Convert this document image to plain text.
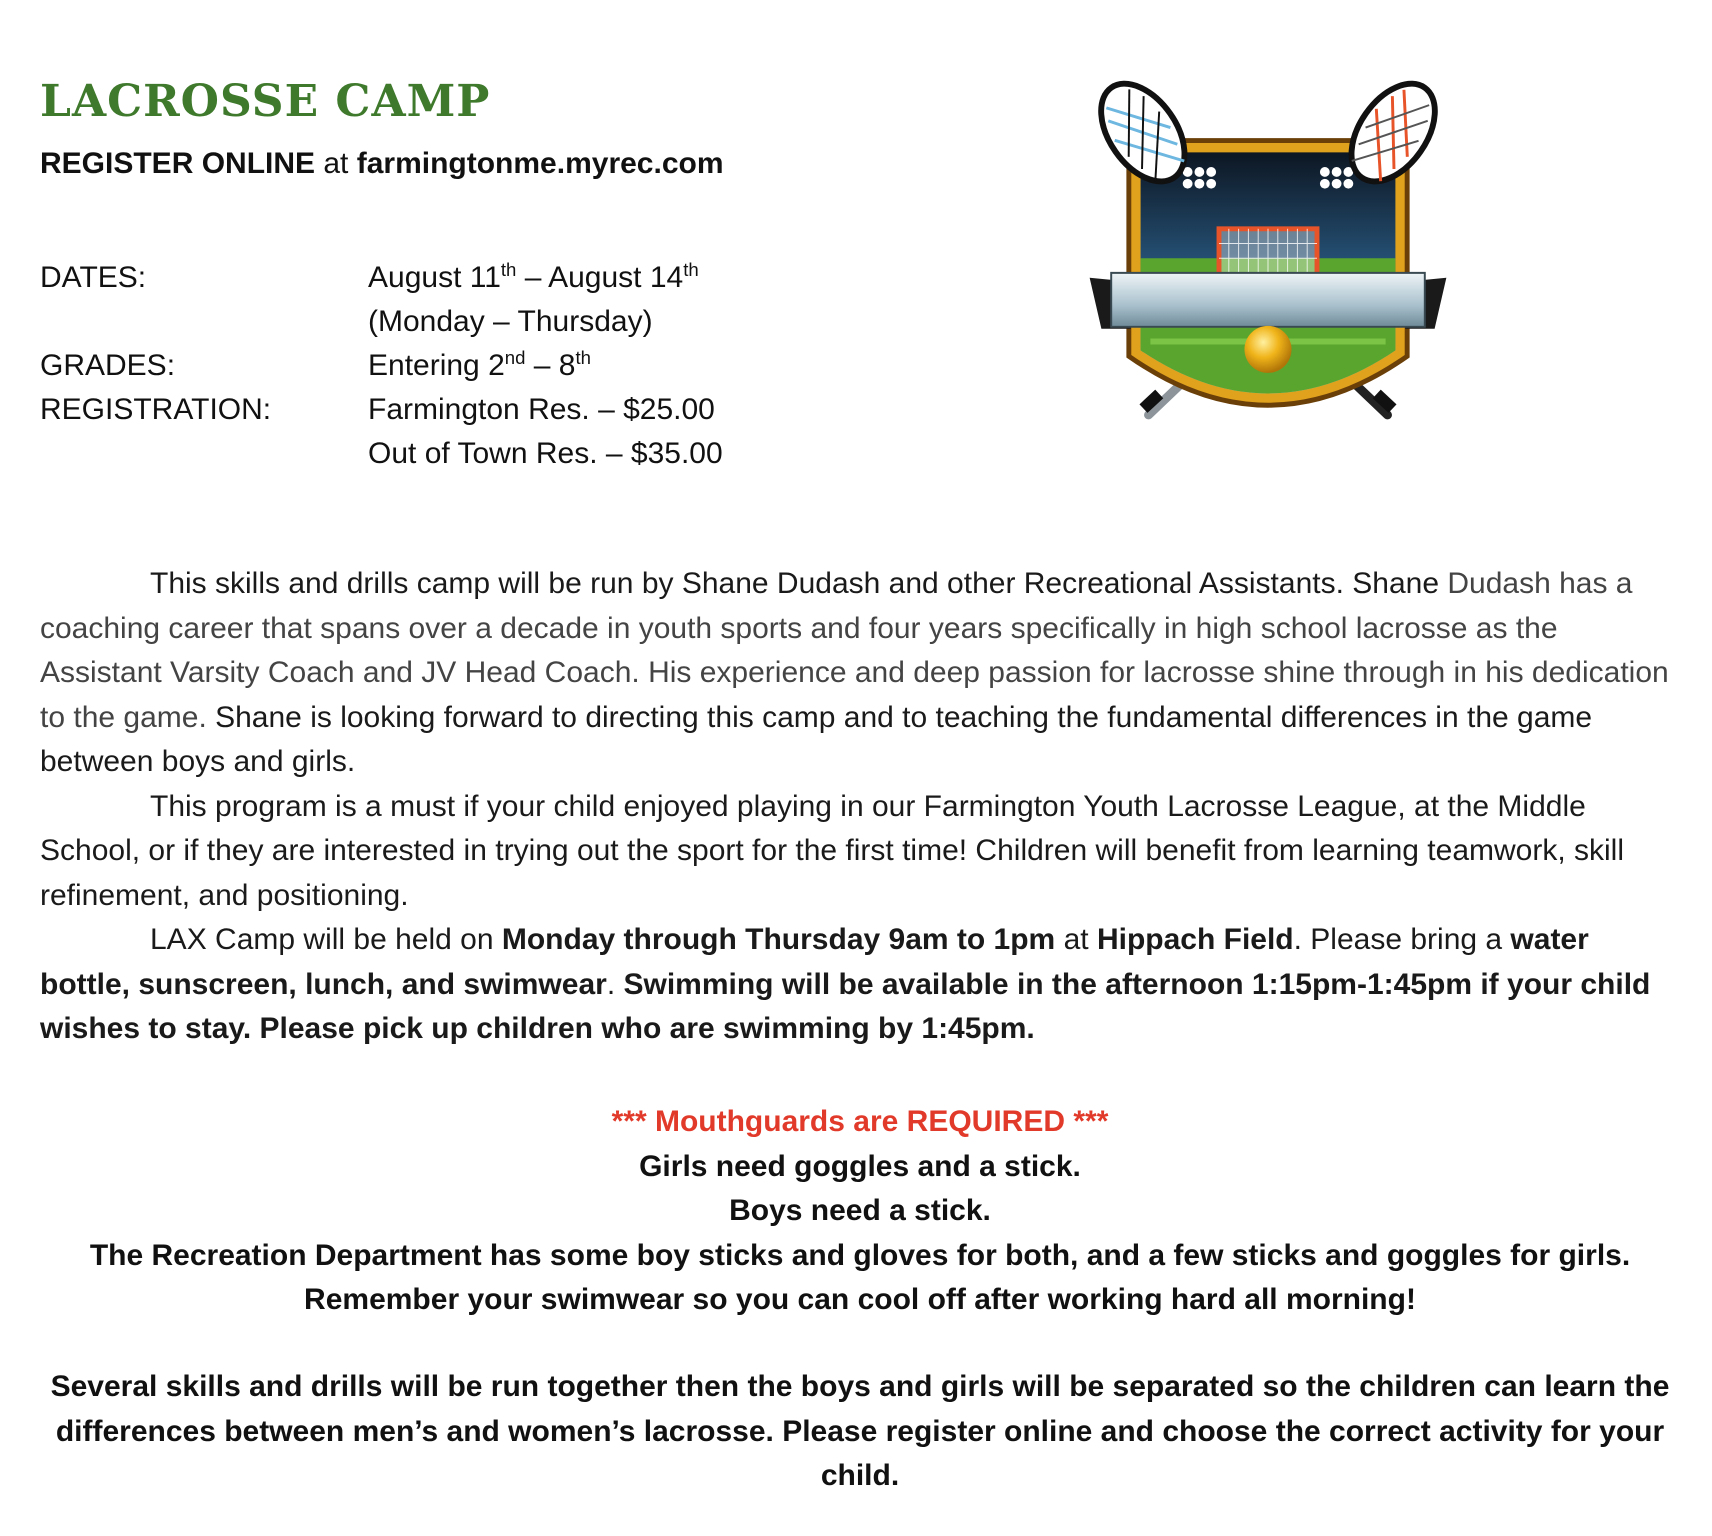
LACROSSE CAMP
REGISTER ONLINE at farmingtonme.myrec.com
DATES:	August 11th – August 14th
(Monday – Thursday)
GRADES:	Entering 2nd – 8th
REGISTRATION:	Farmington Res. – $25.00
Out of Town Res. – $35.00

This skills and drills camp will be run by Shane Dudash and other Recreational Assistants. Shane Dudash has a coaching career that spans over a decade in youth sports and four years specifically in high school lacrosse as the Assistant Varsity Coach and JV Head Coach. His experience and deep passion for lacrosse shine through in his dedication to the game. Shane is looking forward to directing this camp and to teaching the fundamental differences in the game between boys and girls.

This program is a must if your child enjoyed playing in our Farmington Youth Lacrosse League, at the Middle School, or if they are interested in trying out the sport for the first time! Children will benefit from learning teamwork, skill refinement, and positioning.

LAX Camp will be held on Monday through Thursday 9am to 1pm at Hippach Field. Please bring a water bottle, sunscreen, lunch, and swimwear. Swimming will be available in the afternoon 1:15pm-1:45pm if your child wishes to stay. Please pick up children who are swimming by 1:45pm.

*** Mouthguards are REQUIRED ***

Girls need goggles and a stick.

Boys need a stick.

The Recreation Department has some boy sticks and gloves for both, and a few sticks and goggles for girls.

Remember your swimwear so you can cool off after working hard all morning!

Several skills and drills will be run together then the boys and girls will be separated so the children can learn the differences between men’s and women’s lacrosse. Please register online and choose the correct activity for your child.
